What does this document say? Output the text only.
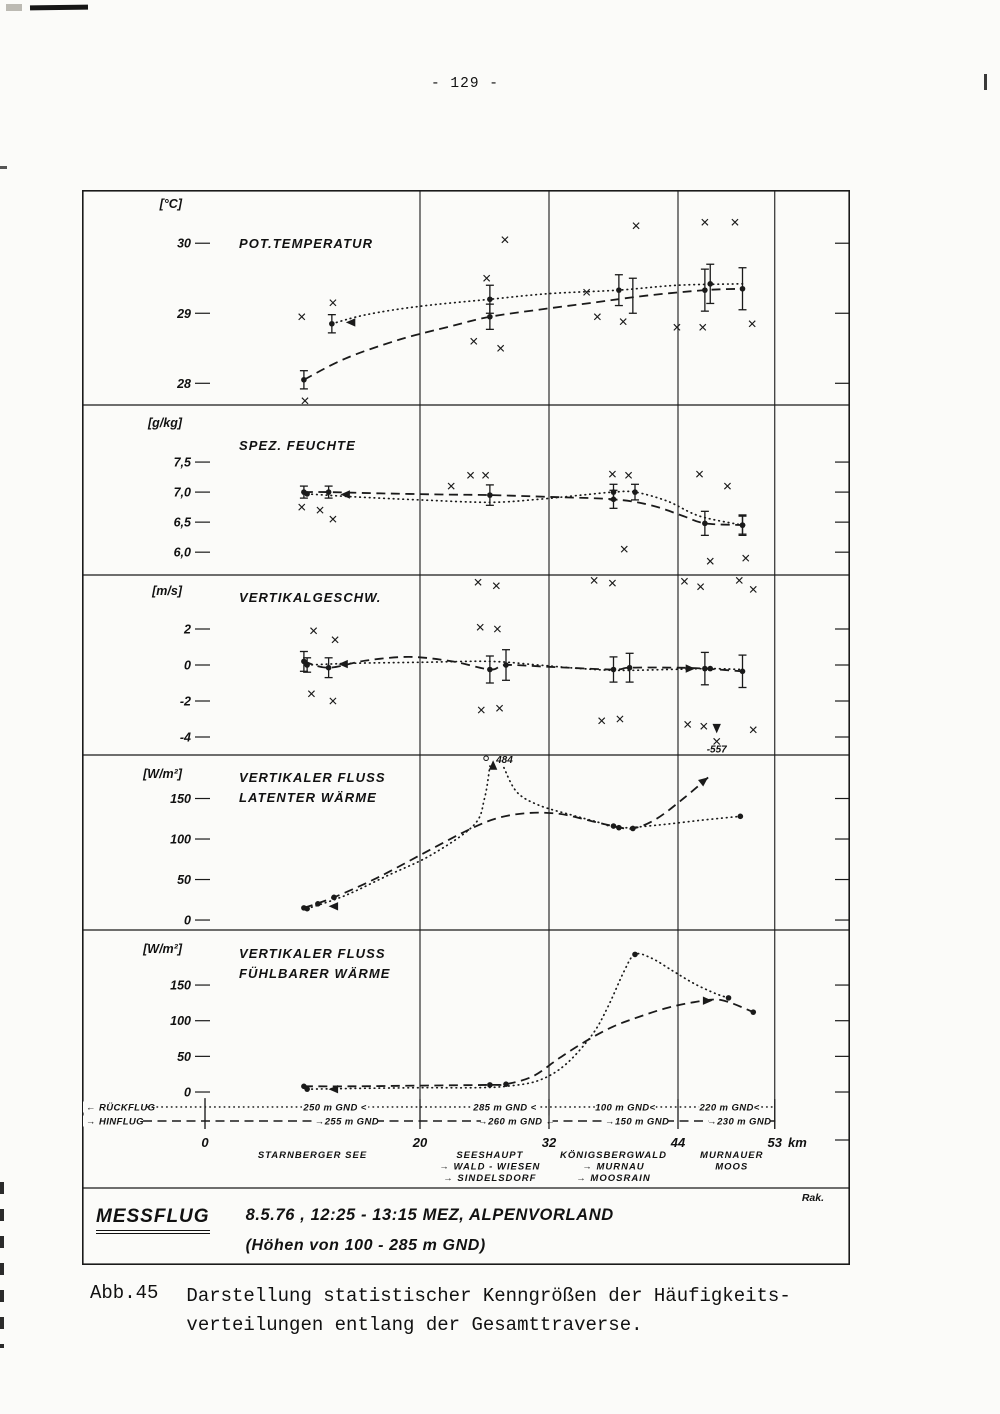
- 129 -
[°C]
POT.TEMPERATUR
30
29
28
[g/kg]
SPEZ. FEUCHTE
7,5
7,0
6,5
6,0
[m/s]	VERTIKALGESCHW.
2
0
-2
-4
-557
[W/m²]	VERTIKALER FLUSS
LATENTER WÄRME
150
100
50
0
484
[W/m²]	VERTIKALER FLUSS
FÜHLBARER WÄRME
150
100
50
0
← RÜCKFLUG	250 m GND <	285 m GND <	100 m GND<	220 m GND<
→ HINFLUG	→255 m GND	→260 m GND ←	→150 m GND	→230 m GND
0	20	32	44	53 km
STARNBERGER SEE	SEESHAUPT
→ WALD - WIESEN
→ SINDELSDORF
KÖNIGSBERGWALD
→ MURNAU
→ MOOSRAIN
MURNAUER
MOOS
MESSFLUG 8.5.76 , 12:25 - 13:15 MEZ, ALPENVORLAND
(Höhen von 100 - 285 m GND)
Rak.
Abb.45 Darstellung statistischer Kenngrößen der Häufigkeits-
verteilungen entlang der Gesamttraverse.
